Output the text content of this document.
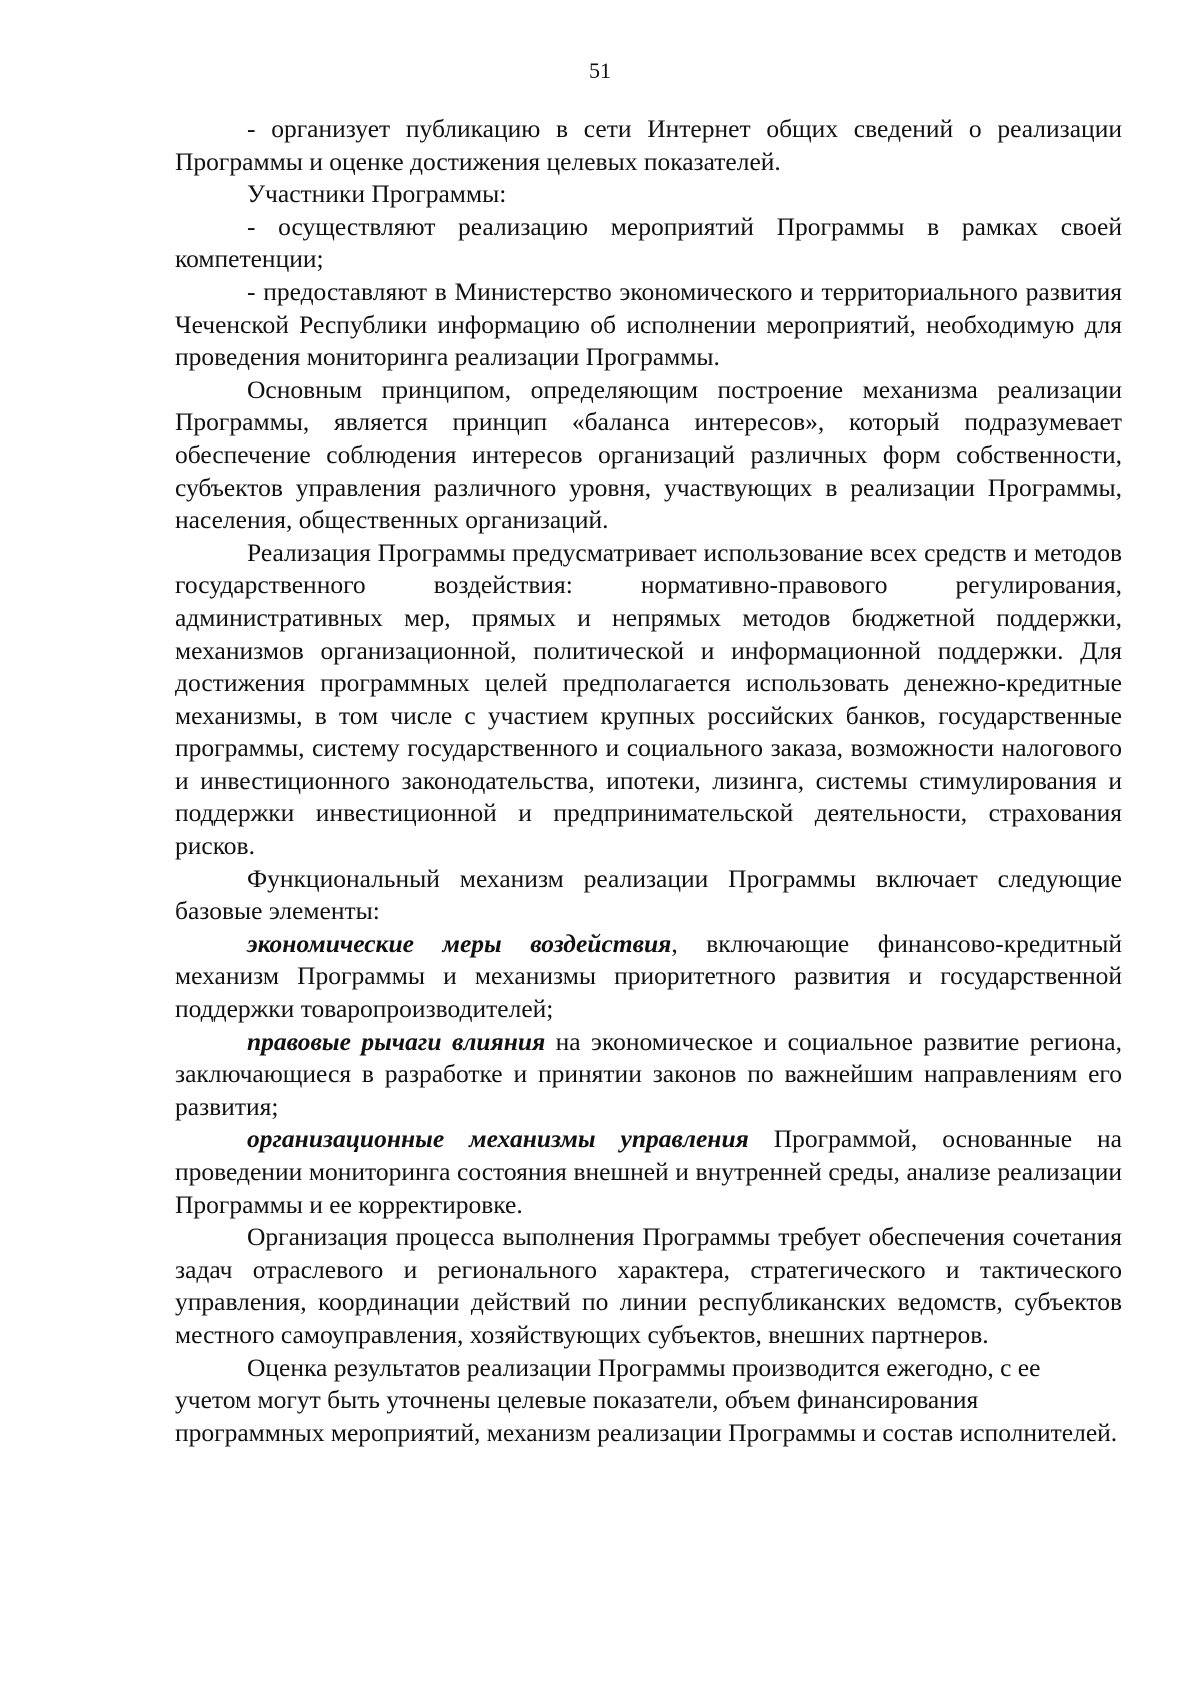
51

- организует публикацию в сети Интернет общих сведений о реализации Программы и оценке достижения целевых показателей.

Участники Программы:

- осуществляют реализацию мероприятий Программы в рамках своей компетенции;

- предоставляют в Министерство экономического и территориального развития Чеченской Республики информацию об исполнении мероприятий, необходимую для проведения мониторинга реализации Программы.

Основным принципом, определяющим построение механизма реализации Программы, является принцип «баланса интересов», который подразумевает обеспечение соблюдения интересов организаций различных форм собственности, субъектов управления различного уровня, участвующих в реализации Программы, населения, общественных организаций.

Реализация Программы предусматривает использование всех средств и методов государственного воздействия: нормативно-правового регулирования, административных мер, прямых и непрямых методов бюджетной поддержки, механизмов организационной, политической и информационной поддержки. Для достижения программных целей предполагается использовать денежно-кредитные механизмы, в том числе с участием крупных российских банков, государственные программы, систему государственного и социального заказа, возможности налогового и инвестиционного законодательства, ипотеки, лизинга, системы стимулирования и поддержки инвестиционной и предпринимательской деятельности, страхования рисков.

Функциональный механизм реализации Программы включает следующие базовые элементы:

экономические меры воздействия, включающие финансово-кредитный механизм Программы и механизмы приоритетного развития и государственной поддержки товаропроизводителей;

правовые рычаги влияния на экономическое и социальное развитие региона, заключающиеся в разработке и принятии законов по важнейшим направлениям его развития;

организационные механизмы управления Программой, основанные на проведении мониторинга состояния внешней и внутренней среды, анализе реализации Программы и ее корректировке.

Организация процесса выполнения Программы требует обеспечения сочетания задач отраслевого и регионального характера, стратегического и тактического управления, координации действий по линии республиканских ведомств, субъектов местного самоуправления, хозяйствующих субъектов, внешних партнеров.

Оценка результатов реализации Программы производится ежегодно, с ее учетом могут быть уточнены целевые показатели, объем финансирования программных мероприятий, механизм реализации Программы и состав исполнителей.
